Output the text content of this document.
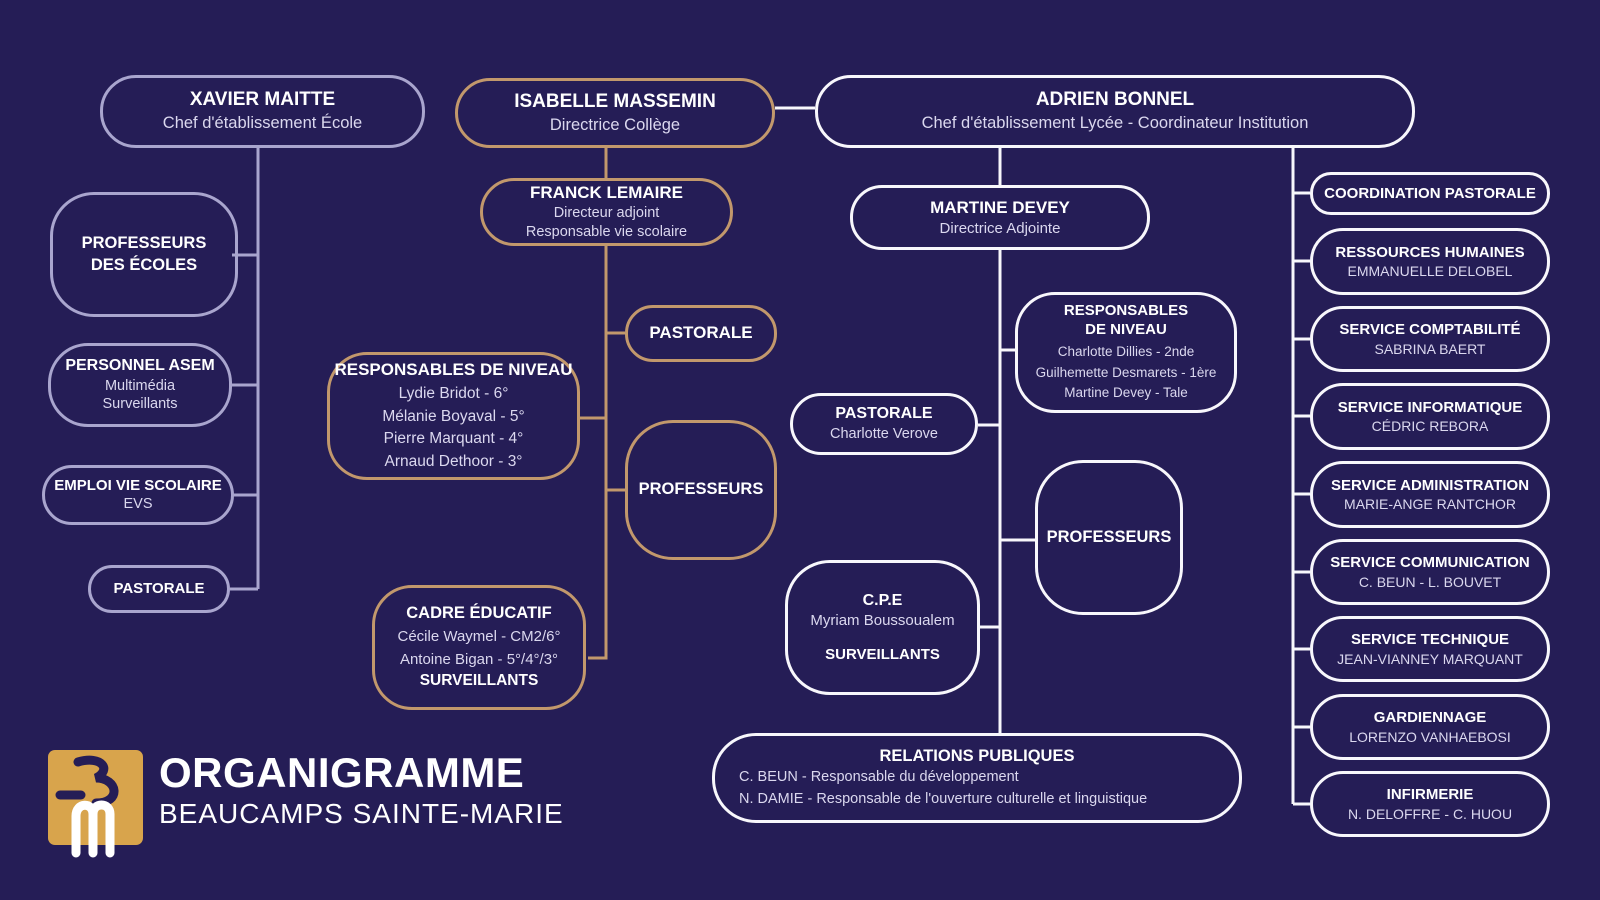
XAVIER MAITTE
Chef d'établissement École
ISABELLE MASSEMIN
Directrice Collège
ADRIEN BONNEL
Chef d'établissement Lycée - Coordinateur Institution
PROFESSEURS
DES ÉCOLES
PERSONNEL ASEM
Multimédia
Surveillants
EMPLOI VIE SCOLAIRE
EVS
PASTORALE
FRANCK LEMAIRE
Directeur adjoint
Responsable vie scolaire
PASTORALE
RESPONSABLES DE NIVEAU
Lydie Bridot - 6°
Mélanie Boyaval - 5°
Pierre Marquant - 4°
Arnaud Dethoor - 3°
PROFESSEURS
CADRE ÉDUCATIF
Cécile Waymel - CM2/6°
Antoine Bigan - 5°/4°/3°
SURVEILLANTS
MARTINE DEVEY
Directrice Adjointe
RESPONSABLES
DE NIVEAU
Charlotte Dillies - 2nde
Guilhemette Desmarets - 1ère
Martine Devey - Tale
PASTORALE
Charlotte Verove
PROFESSEURS
C.P.E
Myriam Boussoualem
SURVEILLANTS
RELATIONS PUBLIQUES
C. BEUN - Responsable du développement
N. DAMIE - Responsable de l'ouverture culturelle et linguistique
COORDINATION PASTORALE
RESSOURCES HUMAINES
EMMANUELLE DELOBEL
SERVICE COMPTABILITÉ
SABRINA BAERT
SERVICE INFORMATIQUE
CÉDRIC REBORA
SERVICE ADMINISTRATION
MARIE-ANGE RANTCHOR
SERVICE COMMUNICATION
C. BEUN - L. BOUVET
SERVICE TECHNIQUE
JEAN-VIANNEY MARQUANT
GARDIENNAGE
LORENZO VANHAEBOSI
INFIRMERIE
N. DELOFFRE - C. HUOU
ORGANIGRAMME
BEAUCAMPS SAINTE-MARIE
